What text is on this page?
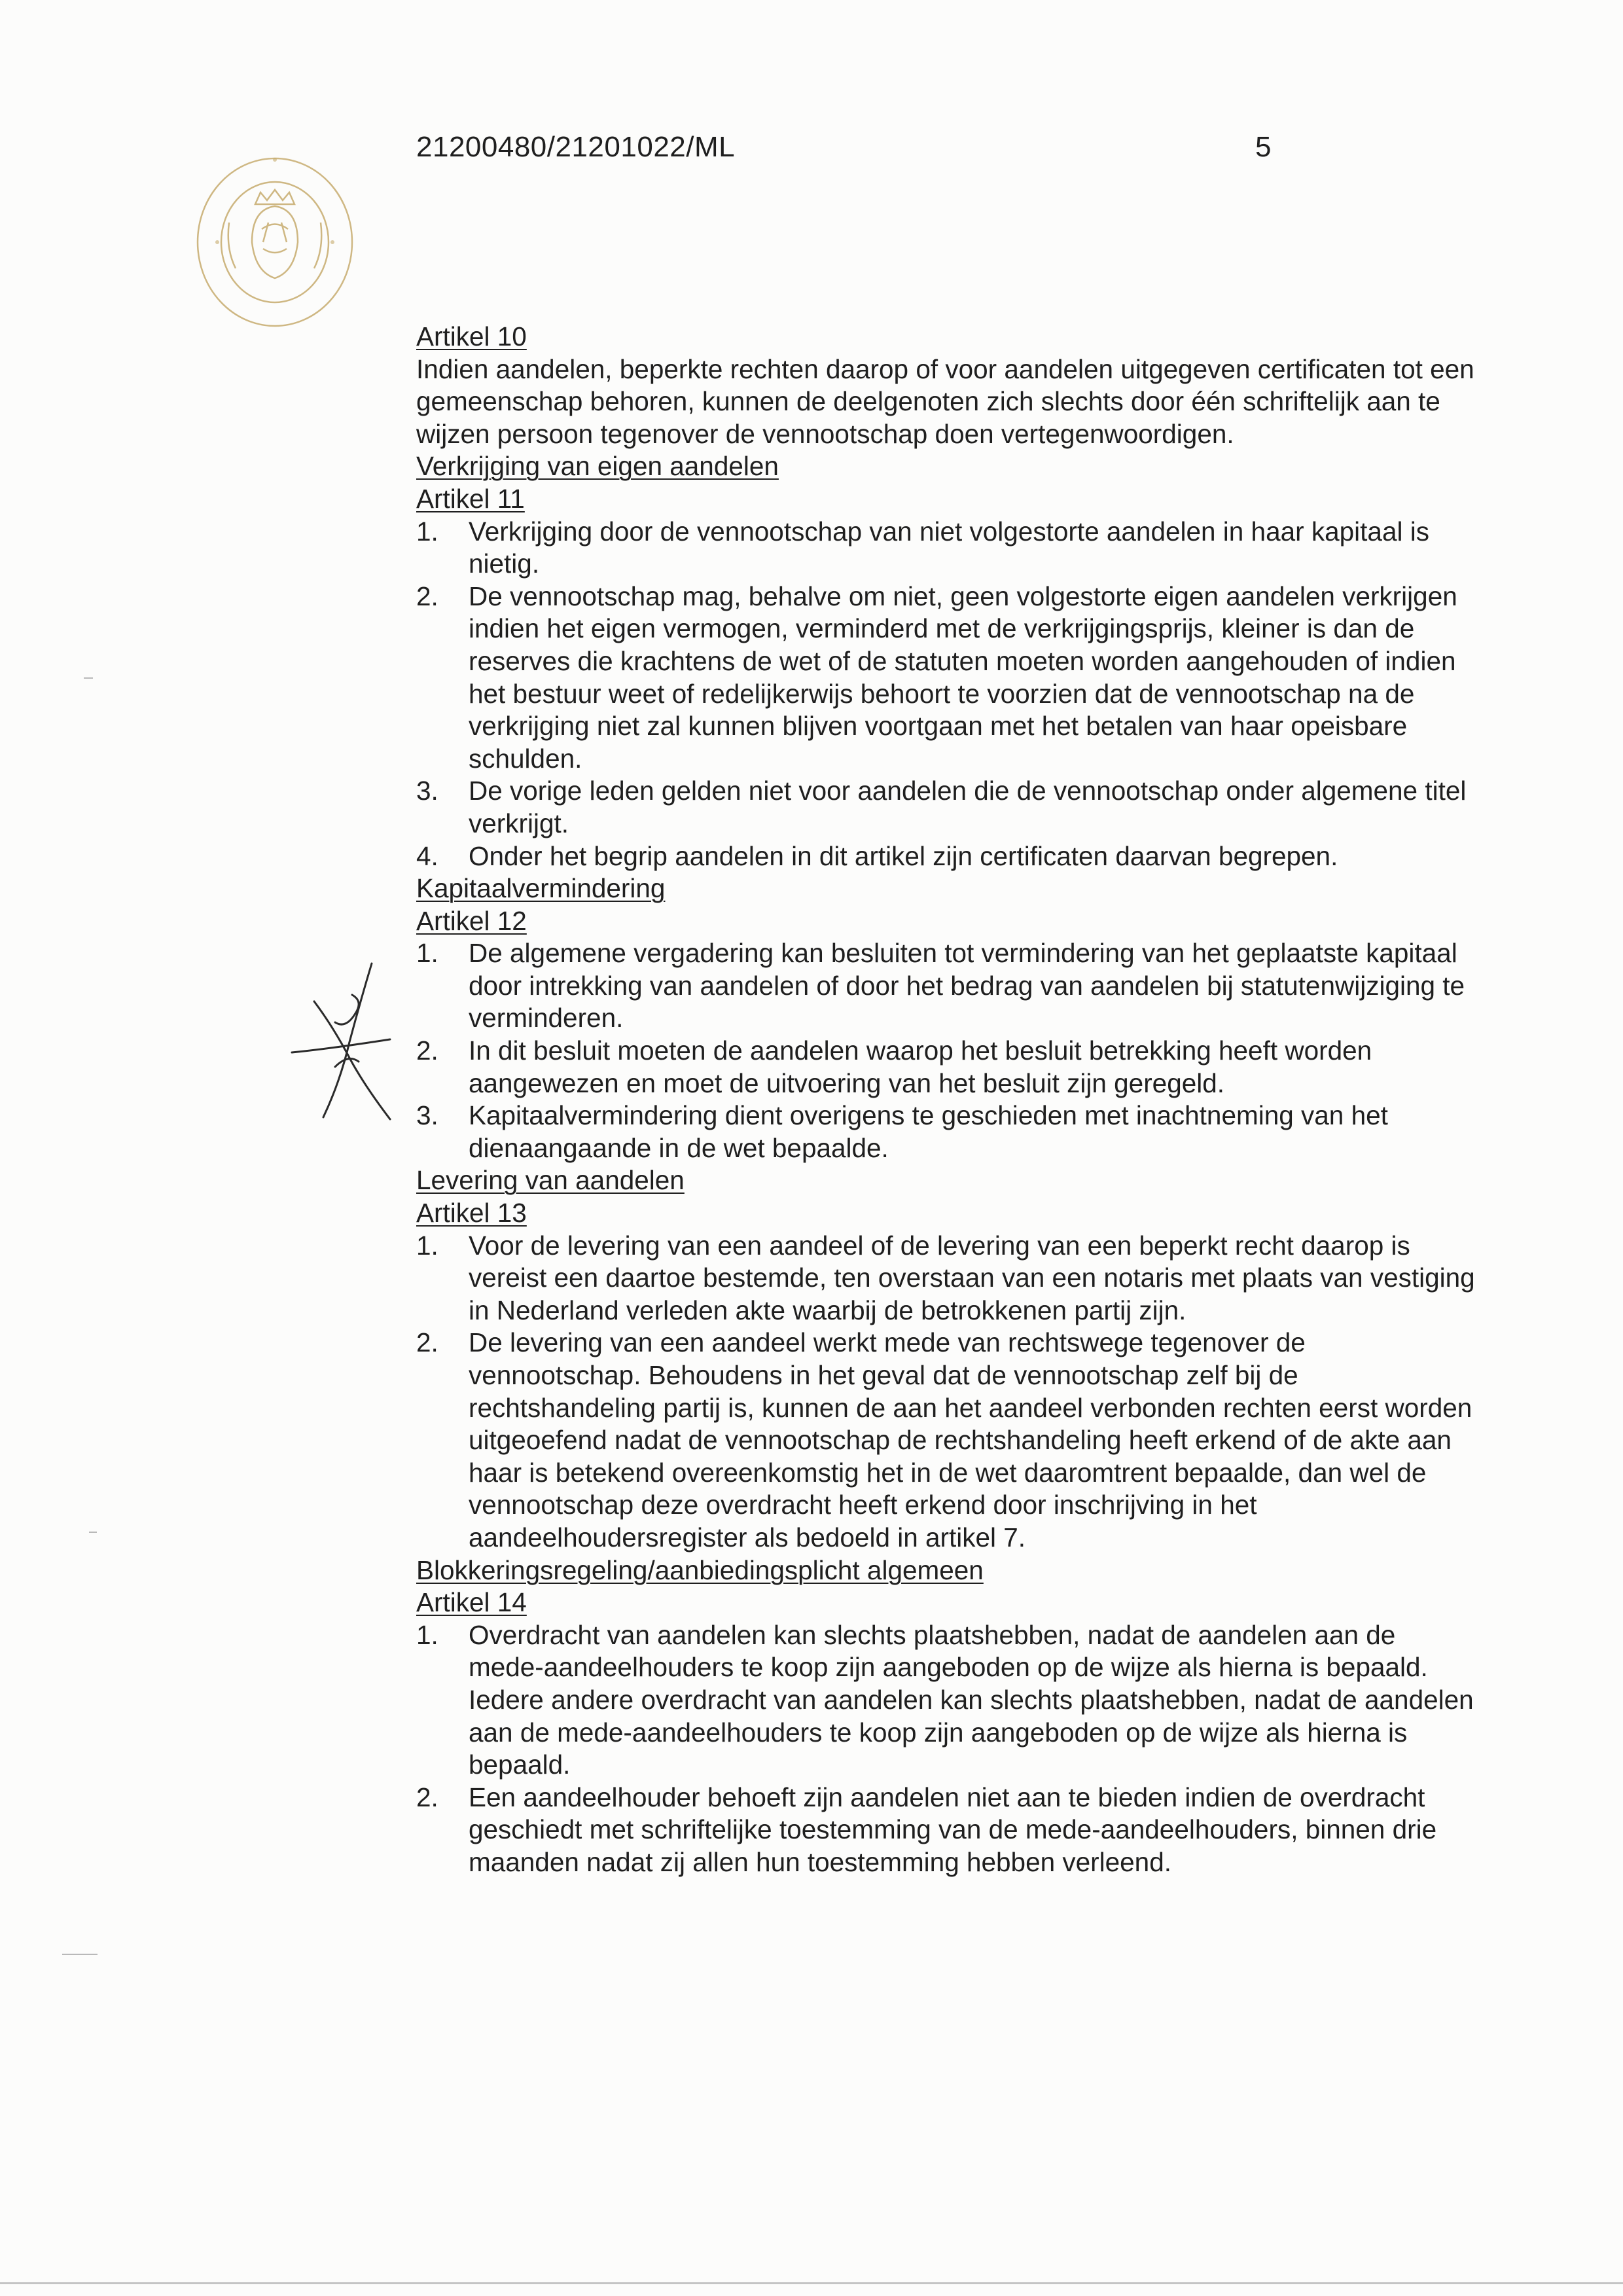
21200480/21201022/ML	5
Artikel 10
Indien aandelen, beperkte rechten daarop of voor aandelen uitgegeven certificaten tot een gemeenschap behoren, kunnen de deelgenoten zich slechts door één schriftelijk aan te wijzen persoon tegenover de vennootschap doen vertegenwoordigen.
Verkrijging van eigen aandelen
Artikel 11
1.	Verkrijging door de vennootschap van niet volgestorte aandelen in haar kapitaal is nietig.
2.	De vennootschap mag, behalve om niet, geen volgestorte eigen aandelen verkrijgen indien het eigen vermogen, verminderd met de verkrijgingsprijs, kleiner is dan de reserves die krachtens de wet of de statuten moeten worden aangehouden of indien het bestuur weet of redelijkerwijs behoort te voorzien dat de vennootschap na de verkrijging niet zal kunnen blijven voortgaan met het betalen van haar opeisbare schulden.
3.	De vorige leden gelden niet voor aandelen die de vennootschap onder algemene titel verkrijgt.
4.	Onder het begrip aandelen in dit artikel zijn certificaten daarvan begrepen.
Kapitaalvermindering
Artikel 12
1.	De algemene vergadering kan besluiten tot vermindering van het geplaatste kapitaal door intrekking van aandelen of door het bedrag van aandelen bij statutenwijziging te verminderen.
2.	In dit besluit moeten de aandelen waarop het besluit betrekking heeft worden aangewezen en moet de uitvoering van het besluit zijn geregeld.
3.	Kapitaalvermindering dient overigens te geschieden met inachtneming van het dienaangaande in de wet bepaalde.
Levering van aandelen
Artikel 13
1.	Voor de levering van een aandeel of de levering van een beperkt recht daarop is vereist een daartoe bestemde, ten overstaan van een notaris met plaats van vestiging in Nederland verleden akte waarbij de betrokkenen partij zijn.
2.	De levering van een aandeel werkt mede van rechtswege tegenover de vennootschap. Behoudens in het geval dat de vennootschap zelf bij de rechtshandeling partij is, kunnen de aan het aandeel verbonden rechten eerst worden uitgeoefend nadat de vennootschap de rechtshandeling heeft erkend of de akte aan haar is betekend overeenkomstig het in de wet daaromtrent bepaalde, dan wel de vennootschap deze overdracht heeft erkend door inschrijving in het aandeelhoudersregister als bedoeld in artikel 7.
Blokkeringsregeling/aanbiedingsplicht algemeen
Artikel 14
1.	Overdracht van aandelen kan slechts plaatshebben, nadat de aandelen aan de mede-aandeelhouders te koop zijn aangeboden op de wijze als hierna is bepaald.
Iedere andere overdracht van aandelen kan slechts plaatshebben, nadat de aandelen aan de mede-aandeelhouders te koop zijn aangeboden op de wijze als hierna is bepaald.
2.	Een aandeelhouder behoeft zijn aandelen niet aan te bieden indien de overdracht geschiedt met schriftelijke toestemming van de mede-aandeelhouders, binnen drie maanden nadat zij allen hun toestemming hebben verleend.
